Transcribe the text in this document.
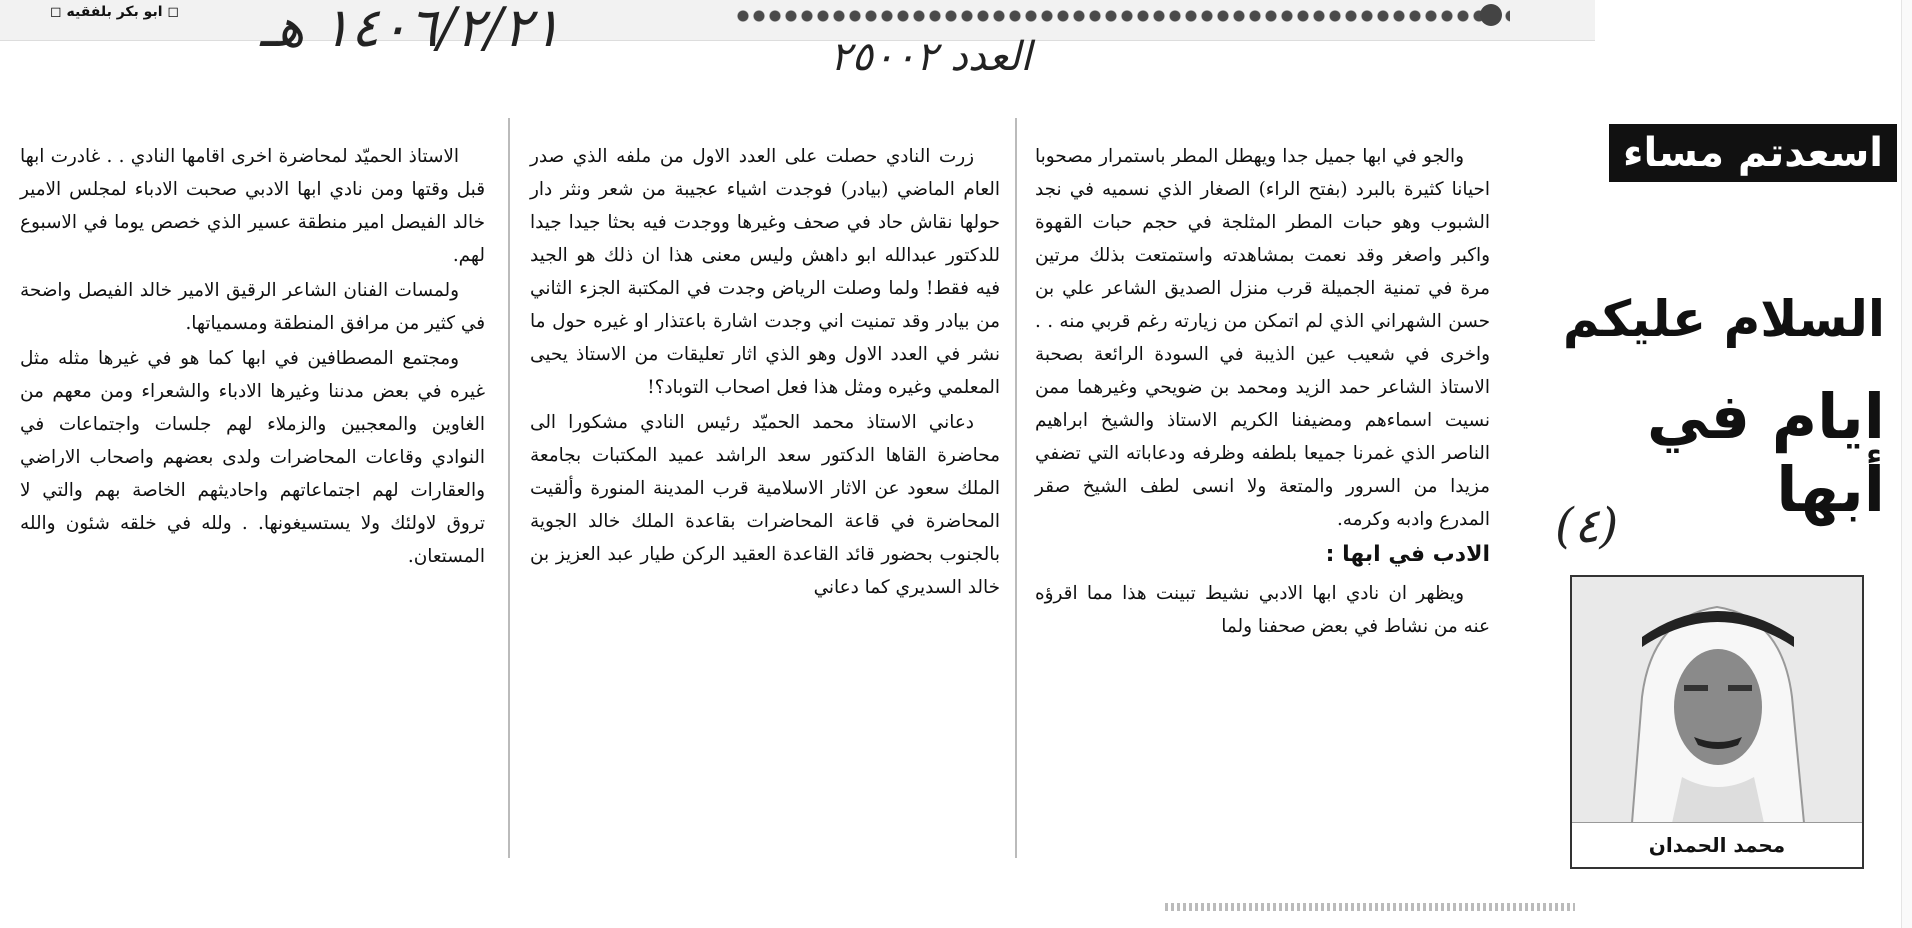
◻ ابو بكر بلفقيه ◻ ١٤٠٦/٢/٢١ هـ	العدد ٢٥٠٠٢

والجو في ابها جميل جدا ويهطل المطر باستمرار مصحوبا احيانا كثيرة بالبرد (بفتح الراء) الصغار الذي نسميه في نجد الشبوب وهو حبات المطر المثلجة في حجم حبات القهوة واكبر واصغر وقد نعمت بمشاهدته واستمتعت بذلك مرتين مرة في تمنية الجميلة قرب منزل الصديق الشاعر علي بن حسن الشهراني الذي لم اتمكن من زيارته رغم قربي منه . . واخرى في شعيب عين الذيبة في السودة الرائعة بصحبة الاستاذ الشاعر حمد الزيد ومحمد بن ضويحي وغيرهما ممن نسيت اسماءهم ومضيفنا الكريم الاستاذ والشيخ ابراهيم الناصر الذي غمرنا جميعا بلطفه وظرفه ودعاباته التي تضفي مزيدا من السرور والمتعة ولا انسى لطف الشيخ صقر المدرع وادبه وكرمه.

الادب في ابها :

ويظهر ان نادي ابها الادبي نشيط تبينت هذا مما اقرؤه عنه من نشاط في بعض صحفنا ولما

زرت النادي حصلت على العدد الاول من ملفه الذي صدر العام الماضي (بيادر) فوجدت اشياء عجيبة من شعر ونثر دار حولها نقاش حاد في صحف وغيرها ووجدت فيه بحثا جيدا جيدا للدكتور عبدالله ابو داهش وليس معنى هذا ان ذلك هو الجيد فيه فقط! ولما وصلت الرياض وجدت في المكتبة الجزء الثاني من بيادر وقد تمنيت اني وجدت اشارة باعتذار او غيره حول ما نشر في العدد الاول وهو الذي اثار تعليقات من الاستاذ يحيى المعلمي وغيره ومثل هذا فعل اصحاب التوباد؟!

دعاني الاستاذ محمد الحميّد رئيس النادي مشكورا الى محاضرة القاها الدكتور سعد الراشد عميد المكتبات بجامعة الملك سعود عن الاثار الاسلامية قرب المدينة المنورة وألقيت المحاضرة في قاعة المحاضرات بقاعدة الملك خالد الجوية بالجنوب بحضور قائد القاعدة العقيد الركن طيار عبد العزيز بن خالد السديري كما دعاني

الاستاذ الحميّد لمحاضرة اخرى اقامها النادي . . غادرت ابها قبل وقتها ومن نادي ابها الادبي صحبت الادباء لمجلس الامير خالد الفيصل امير منطقة عسير الذي خصص يوما في الاسبوع لهم.

ولمسات الفنان الشاعر الرقيق الامير خالد الفيصل واضحة في كثير من مرافق المنطقة ومسمياتها.

ومجتمع المصطافين في ابها كما هو في غيرها مثله مثل غيره في بعض مدننا وغيرها الادباء والشعراء ومن معهم من الغاوين والمعجبين والزملاء لهم جلسات واجتماعات في النوادي وقاعات المحاضرات ولدى بعضهم واصحاب الاراضي والعقارات لهم اجتماعاتهم واحاديثهم الخاصة بهم والتي لا تروق لاولئك ولا يستسيغونها. . ولله في خلقه شئون والله المستعان.

اسعدتم مساء
السلام عليكم
ايام في أبها
محمد الحمدان
(٤)
